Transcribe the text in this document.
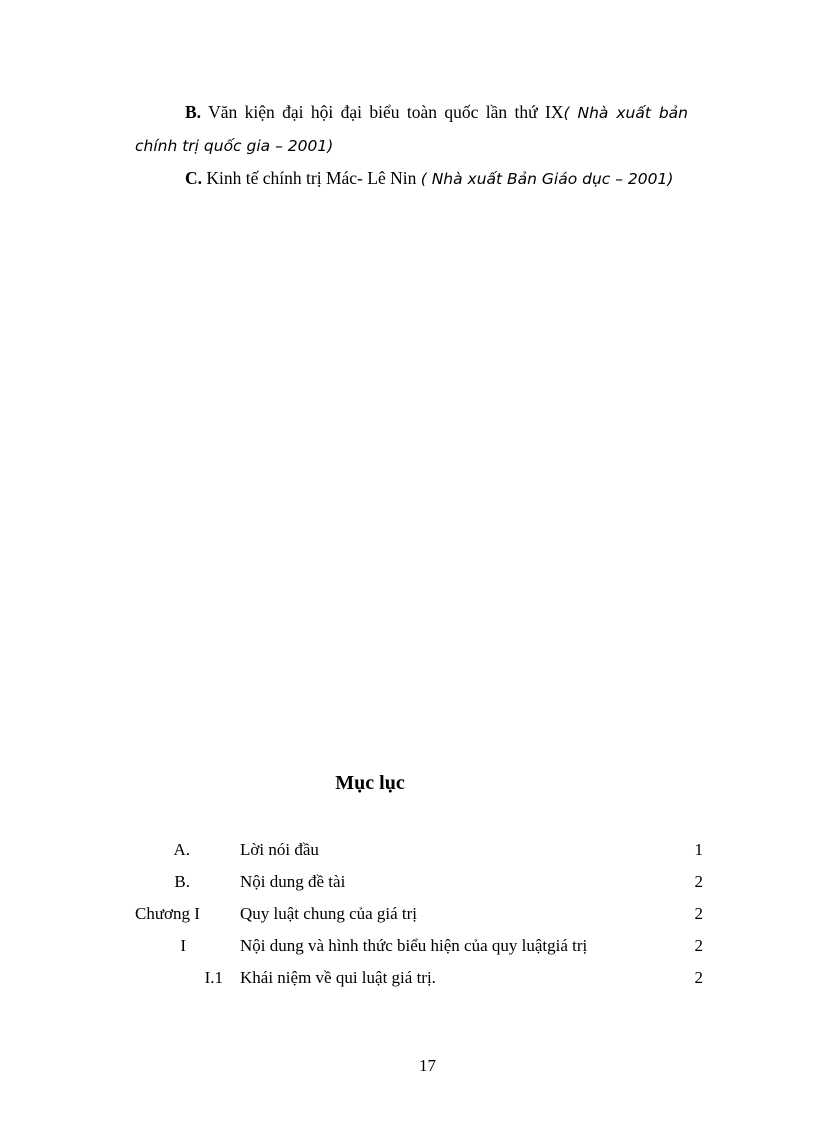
B. Văn kiện đại hội đại biểu toàn quốc lần thứ IX( Nhà xuất bản

chính trị quốc gia – 2001)

C. Kinh tế chính trị Mác- Lê Nin ( Nhà xuất Bản Giáo dục – 2001)

Mục lục
A.	Lời nói đầu	1
B.	Nội dung đề tài	2
Chương I	Quy luật chung của giá trị	2
I	Nội dung và hình thức biểu hiện của quy luậtgiá trị	2
I.1 Khái niệm về qui luật giá trị.	2

17
